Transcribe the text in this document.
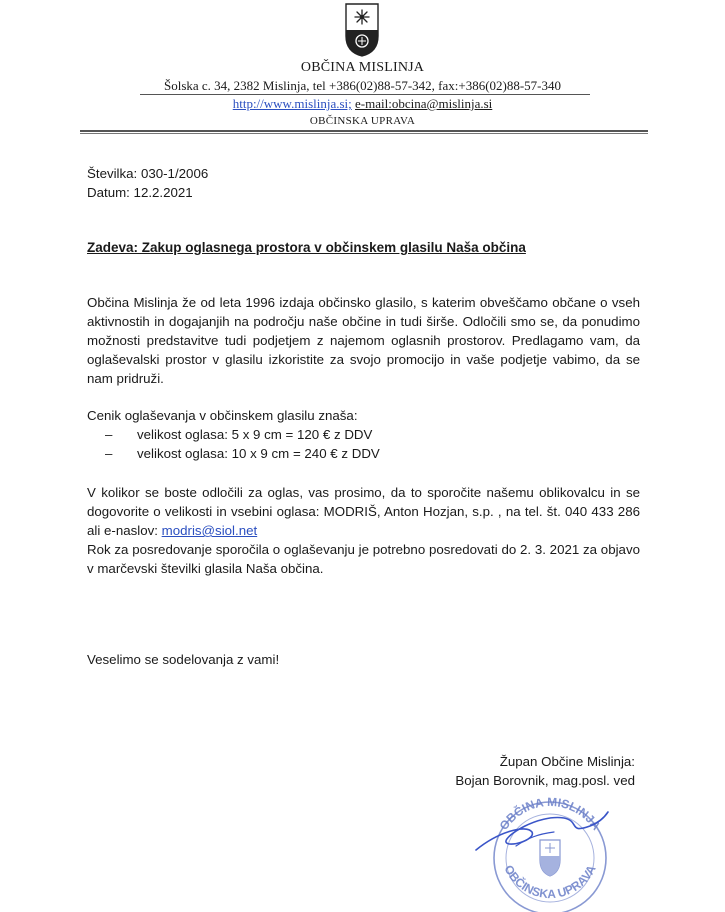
OBČINA MISLINJA
Šolska c. 34, 2382 Mislinja, tel +386(02)88-57-342, fax:+386(02)88-57-340
http://www.mislinja.si; e-mail:obcina@mislinja.si
OBČINSKA UPRAVA
Številka: 030-1/2006
Datum: 12.2.2021
Zadeva: Zakup oglasnega prostora v občinskem glasilu Naša občina
Občina Mislinja že od leta 1996 izdaja občinsko glasilo, s katerim obveščamo občane o vseh aktivnostih in dogajanjih na področju naše občine in tudi širše. Odločili smo se, da ponudimo možnosti predstavitve tudi podjetjem z najemom oglasnih prostorov. Predlagamo vam, da oglaševalski prostor v glasilu izkoristite za svojo promocijo in vaše podjetje vabimo, da se nam pridruži.
Cenik oglaševanja v občinskem glasilu znaša:
– velikost oglasa: 5 x 9 cm = 120 € z DDV
– velikost oglasa: 10 x 9 cm = 240 € z DDV
V kolikor se boste odločili za oglas, vas prosimo, da to sporočite našemu oblikovalcu in se dogovorite o velikosti in vsebini oglasa: MODRIŠ, Anton Hozjan, s.p. , na tel. št. 040 433 286 ali e-naslov: modris@siol.net
Rok za posredovanje sporočila o oglaševanju je potrebno posredovati do 2. 3. 2021 za objavo v marčevski številki glasila Naša občina.
Veselimo se sodelovanja z vami!
Župan Občine Mislinja:
Bojan Borovnik, mag.posl. ved
OBČINA MISLINJA
OBČINSKA UPRAVA
